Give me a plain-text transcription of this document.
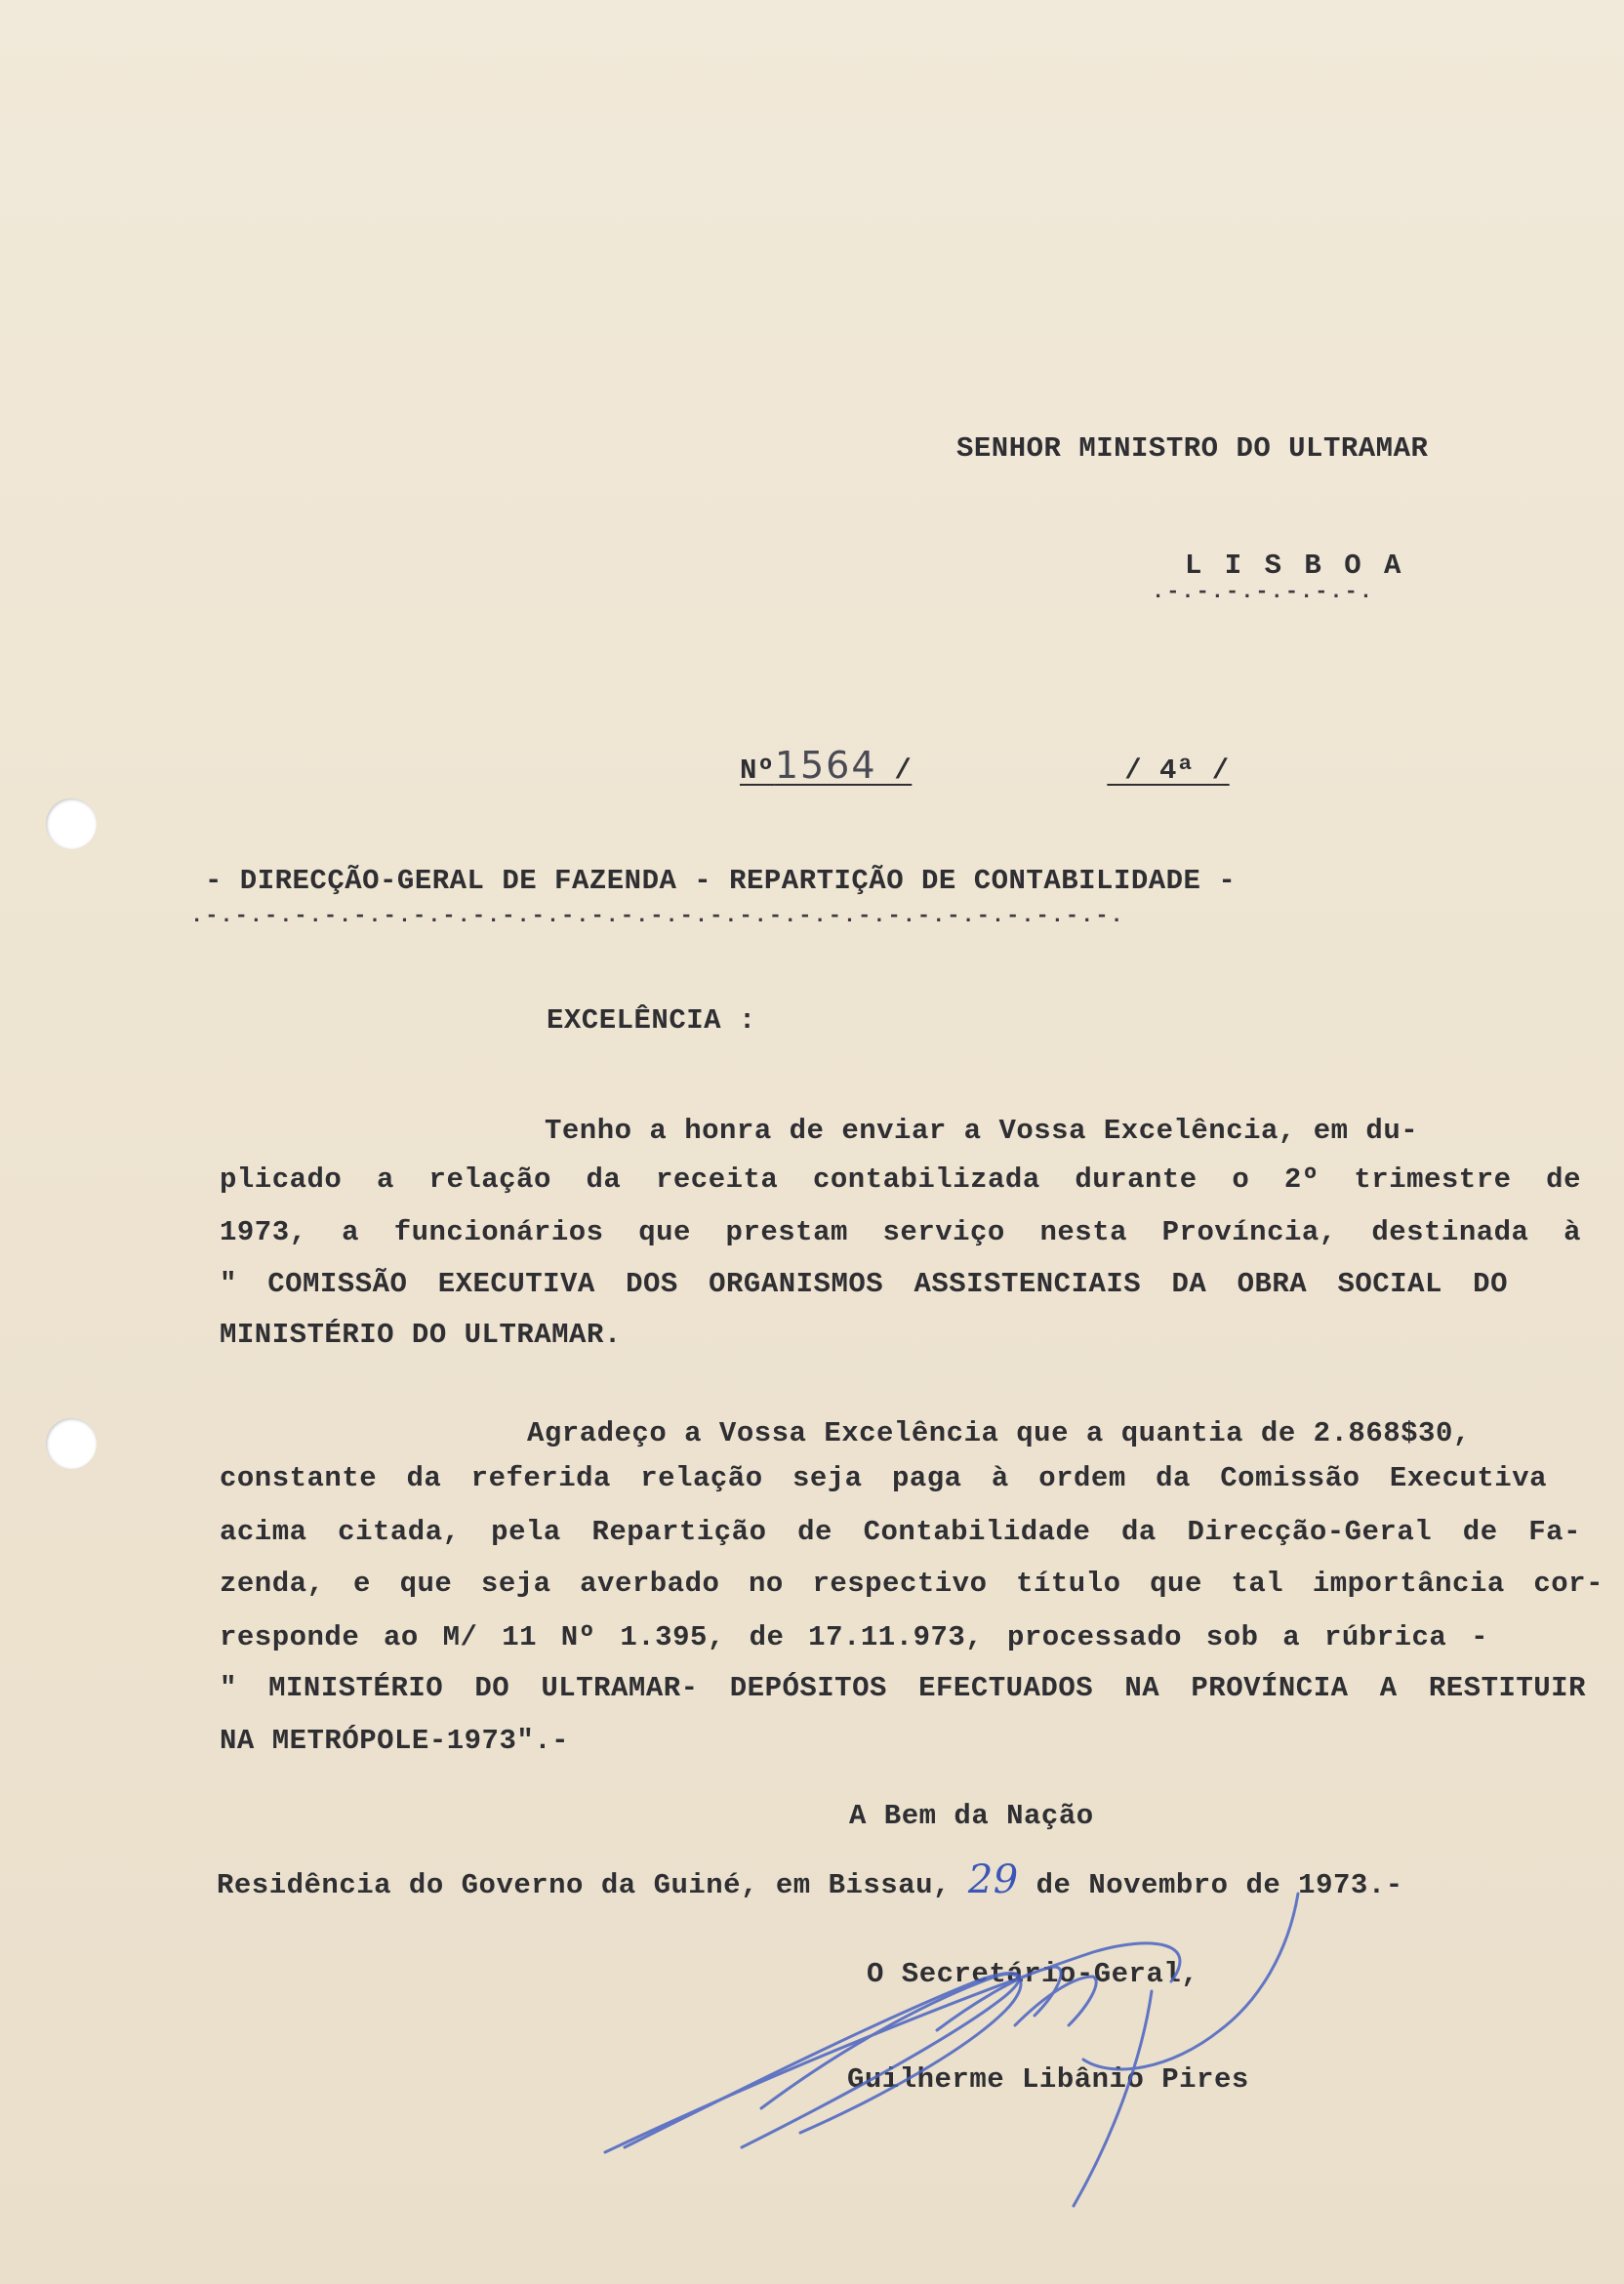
SENHOR MINISTRO DO ULTRAMAR
L I S B O A
.-.-.-.-.-.-.-.
Nº1564 /	/ 4ª /
- DIRECÇÃO-GERAL DE FAZENDA - REPARTIÇÃO DE CONTABILIDADE -
.-.-.-.-.-.-.-.-.-.-.-.-.-.-.-.-.-.-.-.-.-.-.-.-.-.-.-.-.-.-.-.
EXCELÊNCIA :
Tenho a honra de enviar a Vossa Excelência, em du-
plicado a relação da receita contabilizada durante o 2º trimestre de
1973, a funcionários que prestam serviço nesta Província, destinada à
" COMISSÃO EXECUTIVA DOS ORGANISMOS ASSISTENCIAIS DA OBRA SOCIAL DO
MINISTÉRIO DO ULTRAMAR.
Agradeço a Vossa Excelência que a quantia de 2.868$30,
constante da referida relação seja paga à ordem da Comissão Executiva
acima citada, pela Repartição de Contabilidade da Direcção-Geral de Fa-
zenda, e que seja averbado no respectivo título que tal importância cor-
responde ao M/ 11 Nº 1.395, de 17.11.973, processado sob a rúbrica -
" MINISTÉRIO DO ULTRAMAR- DEPÓSITOS EFECTUADOS NA PROVÍNCIA A RESTITUIR
NA METRÓPOLE-1973".-
A Bem da Nação
Residência do Governo da Guiné, em Bissau, 29 de Novembro de 1973.-
O Secretário-Geral,
Guilherme Libânio Pires
